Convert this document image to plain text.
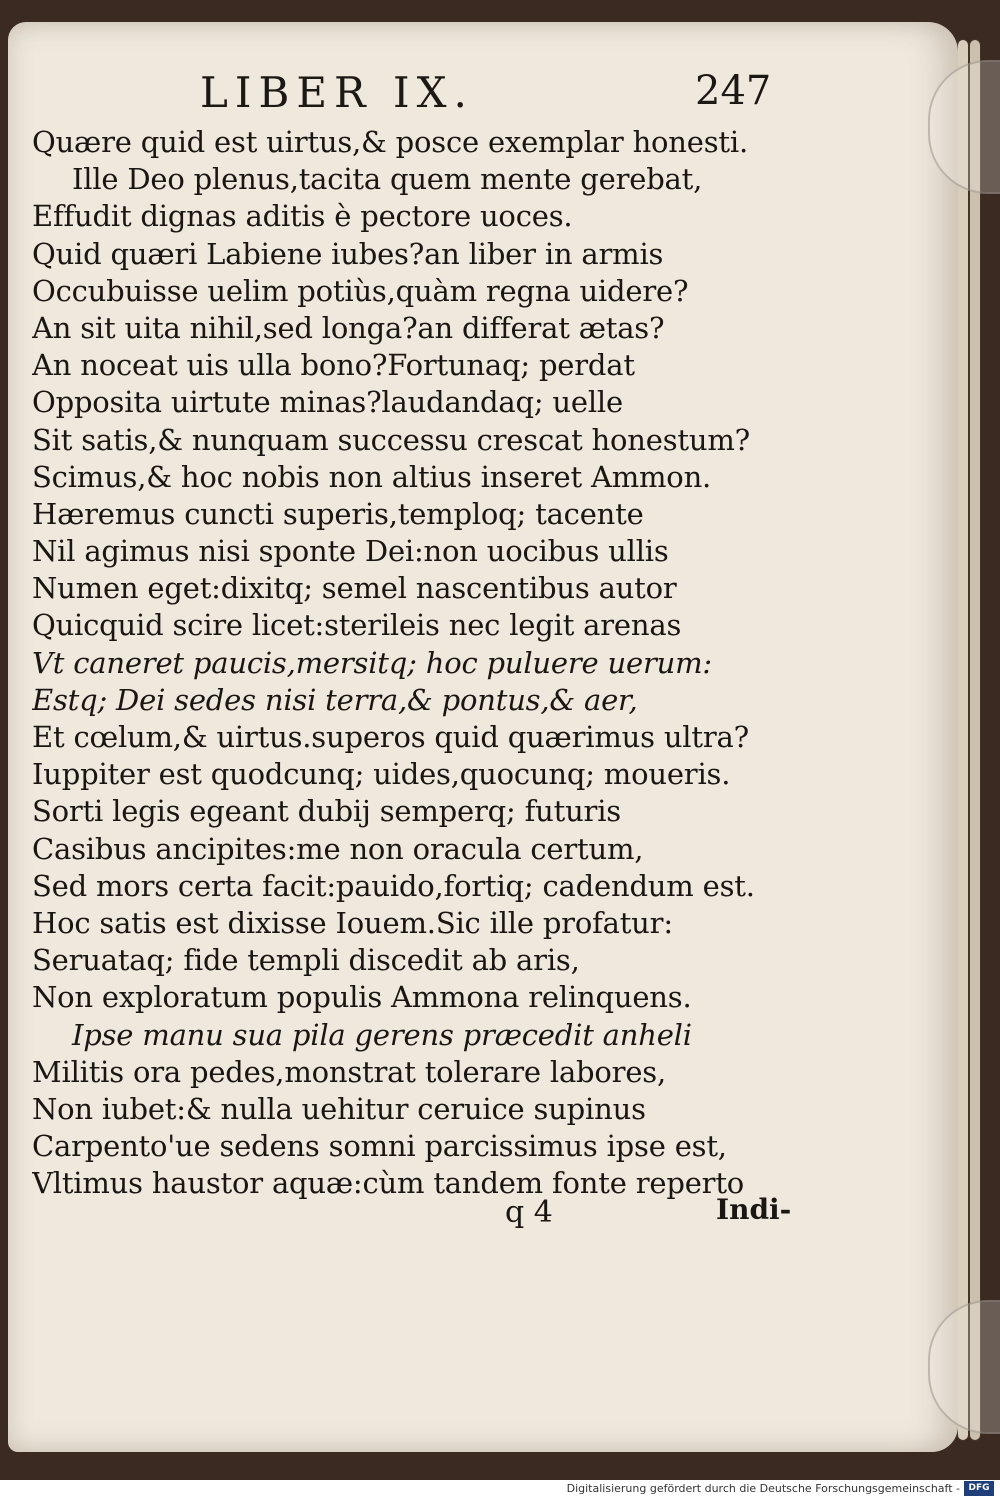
LIBER IX.	247
Quære quid est uirtus,& posce exemplar honesti.
Ille Deo plenus,tacita quem mente gerebat,
Effudit dignas aditis è pectore uoces.
Quid quæri Labiene iubes?an liber in armis
Occubuisse uelim potiùs,quàm regna uidere?
An sit uita nihil,sed longa?an differat ætas?
An noceat uis ulla bono?Fortunaq; perdat
Opposita uirtute minas?laudandaq; uelle
Sit satis,& nunquam successu crescat honestum?
Scimus,& hoc nobis non altius inseret Ammon.
Hæremus cuncti superis,temploq; tacente
Nil agimus nisi sponte Dei:non uocibus ullis
Numen eget:dixitq; semel nascentibus autor
Quicquid scire licet:sterileis nec legit arenas
Vt caneret paucis,mersitq; hoc puluere uerum:
Estq; Dei sedes nisi terra,& pontus,& aer,
Et cœlum,& uirtus.superos quid quærimus ultra?
Iuppiter est quodcunq; uides,quocunq; moueris.
Sorti legis egeant dubij semperq; futuris
Casibus ancipites:me non oracula certum,
Sed mors certa facit:pauido,fortiq; cadendum est.
Hoc satis est dixisse Iouem.Sic ille profatur:
Seruataq; fide templi discedit ab aris,
Non exploratum populis Ammona relinquens.
Ipse manu sua pila gerens præcedit anheli
Militis ora pedes,monstrat tolerare labores,
Non iubet:& nulla uehitur ceruice supinus
Carpento'ue sedens somni parcissimus ipse est,
Vltimus haustor aquæ:cùm tandem fonte reperto
q 4	Indi-
Digitalisierung gefördert durch die Deutsche Forschungsgemeinschaft - DFG
